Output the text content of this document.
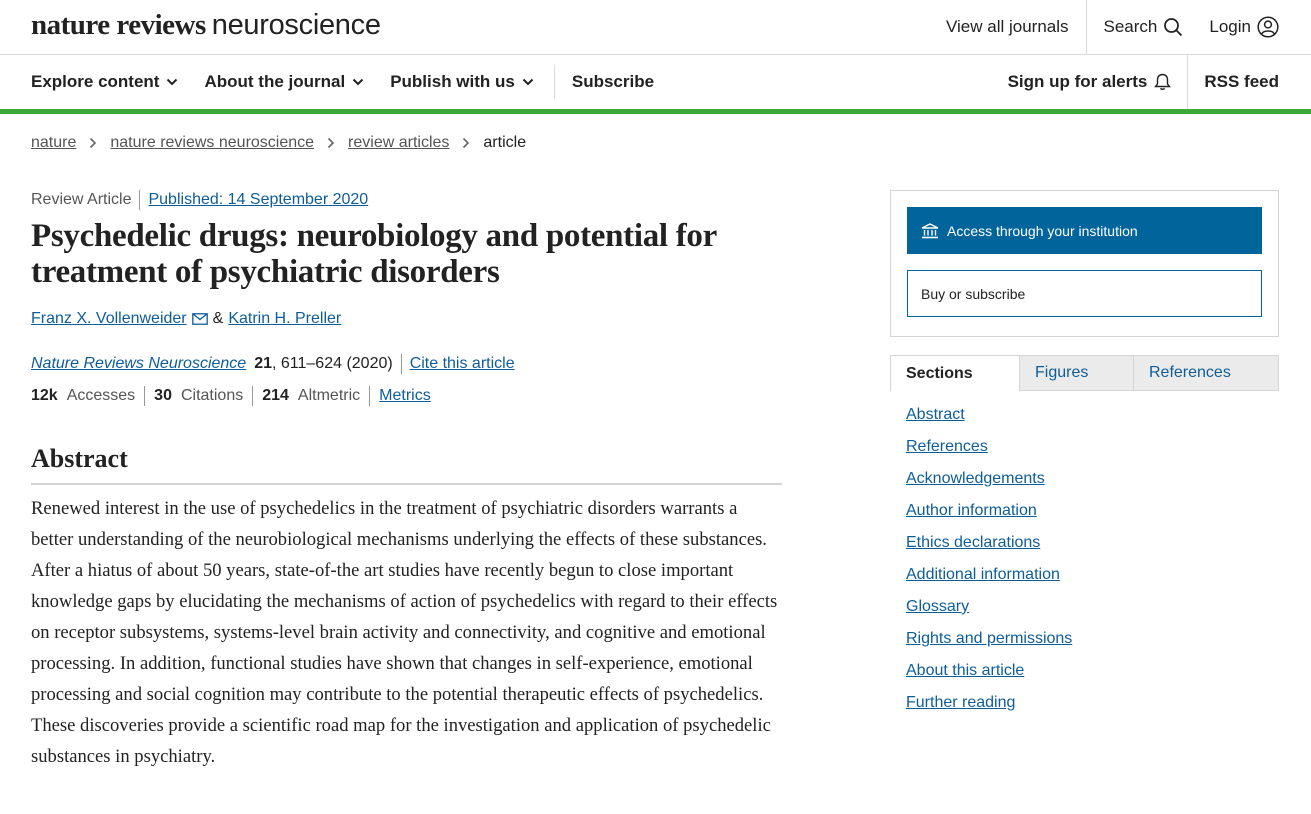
nature reviews neuroscience	View all journals Search	Login
Explore content	About the journal	Publish with us	Subscribe	Sign up for alerts	RSS feed
nature nature reviews neuroscience review articles article
Review Article Published: 14 September 2020
Psychedelic drugs: neurobiology and potential for treatment of psychiatric disorders
Franz X. Vollenweider & Katrin H. Preller
Nature Reviews Neuroscience 21 , 611–624 (2020) Cite this article
12k Accesses 30 Citations 214 Altmetric Metrics
Abstract

Renewed interest in the use of psychedelics in the treatment of psychiatric disorders warrants a better understanding of the neurobiological mechanisms underlying the effects of these substances. After a hiatus of about 50 years, state-of-the art studies have recently begun to close important knowledge gaps by elucidating the mechanisms of action of psychedelics with regard to their effects on receptor subsystems, systems-level brain activity and connectivity, and cognitive and emotional processing. In addition, functional studies have shown that changes in self-experience, emotional processing and social cognition may contribute to the potential therapeutic effects of psychedelics. These discoveries provide a scientific road map for the investigation and application of psychedelic substances in psychiatry.

Access through your institution
Buy or subscribe
Sections	Figures	References
Abstract
References
Acknowledgements
Author information
Ethics declarations
Additional information
Glossary
Rights and permissions
About this article
Further reading
